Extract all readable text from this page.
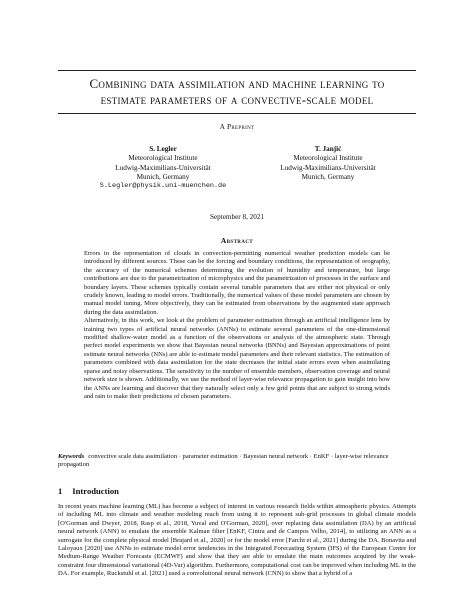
Combining data assimilation and machine learning to
estimate parameters of a convective-scale model
A Preprint
S. Legler
Meteorological Institute
Ludwig-Maximilians-Universität
Munich, Germany
S.Legler@physik.uni-muenchen.de
T. Janjić
Meteorological Institute
Ludwig-Maximilians-Universität
Munich, Germany
September 8, 2021
Abstract

Errors in the representation of clouds in convection-permitting numerical weather prediction models can be introduced by different sources. These can be the forcing and boundary conditions, the representation of orography, the accuracy of the numerical schemes determining the evolution of humidity and temperature, but large contributions are due to the parametrization of microphysics and the parametrization of processes in the surface and boundary layers. These schemes typically contain several tunable parameters that are either not physical or only crudely known, leading to model errors. Traditionally, the numerical values of these model parameters are chosen by manual model tuning. More objectively, they can be estimated from observations by the augmented state approach during the data assimilation.

Alternatively, in this work, we look at the problem of parameter estimation through an artificial intelligence lens by training two types of artificial neural networks (ANNs) to estimate several parameters of the one-dimensional modified shallow-water model as a function of the observations or analysis of the atmospheric state. Through perfect model experiments we show that Bayesian neural networks (BNNs) and Bayesian approximations of point estimate neural networks (NNs) are able to estimate model parameters and their relevant statistics. The estimation of parameters combined with data assimilation for the state decreases the initial state errors even when assimilating sparse and noisy observations. The sensitivity to the number of ensemble members, observation coverage and neural network size is shown. Additionally, we use the method of layer-wise relevance propagation to gain insight into how the ANNs are learning and discover that they naturally select only a few grid points that are subject to strong winds and rain to make their predictions of chosen parameters.

Keywords convective scale data assimilation · parameter estimation · Bayesian neural network · EnKF · layer-wise relevance propagation
1 Introduction

In recent years machine learning (ML) has become a subject of interest in various research fields within atmospheric physics. Attempts of including ML into climate and weather modeling reach from using it to represent sub-grid processes in global climate models [O'Gorman and Dwyer, 2018, Rasp et al., 2018, Yuval and O'Gorman, 2020], over replacing data assimilation (DA) by an artificial neural network (ANN) to emulate the ensemble Kalman filter [EnKF, Cintra and de Campos Velho, 2014], to utilizing an ANN as a surrogate for the complete physical model [Brajard et al., 2020] or for the model error [Farchi et al., 2021] during the DA. Bonavita and Laloyaux [2020] use ANNs to estimate model error tendencies in the Integrated Forecasting System (IFS) of the European Centre for Medium-Range Weather Forecasts (ECMWF) and show that they are able to emulate the main outcomes acquired by the weak-constraint four dimensional variational (4D-Var) algorithm. Furthermore, computational cost can be improved when including ML in the DA. For example, Ruckstuhl et al. [2021] used a convolutional neural network (CNN) to show that a hybrid of a
